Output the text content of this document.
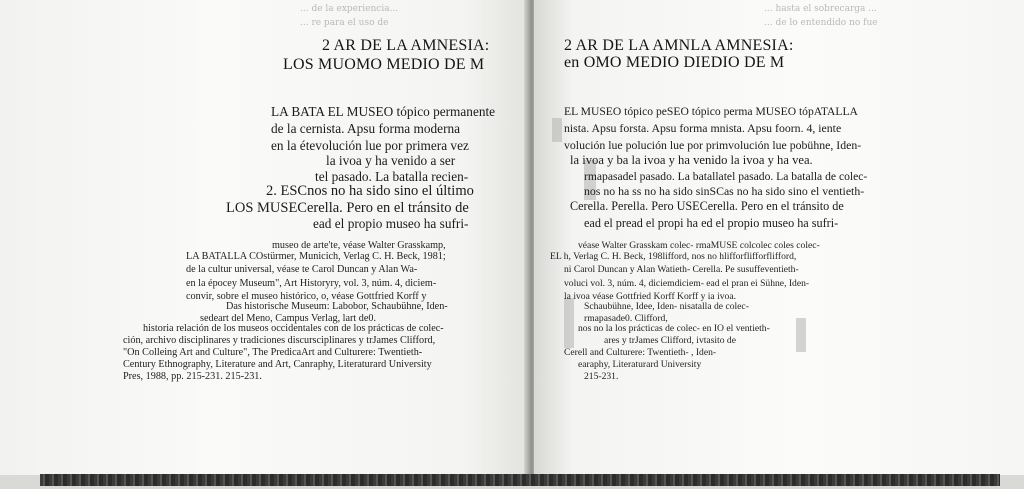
... de la experiencia...
... re para el uso de
2 AR DE LA AMNESIA:
LOS MUOMO MEDIO DE M
LA BATA EL MUSEO tópico permanente
de la cernista. Apsu forma moderna
en la étevolución lue por primera vez
la ivoa y ha venido a ser
tel pasado. La batalla recien-
2. ESCnos no ha sido sino el último
LOS MUSECerella. Pero en el tránsito de
ead el propio museo ha sufri-
museo de arte'te, véase Walter Grasskamp,
LA BATALLA COstürmer, Municich, Verlag C. H. Beck, 1981;
de la cultur universal, véase te Carol Duncan y Alan Wa-
en la épocey Museum", Art Historyry, vol. 3, núm. 4, diciem-
convir, sobre el museo histórico, o, véase Gottfried Korff y
Das historische Museum: Labobor, Schaubühne, Iden-
sedeart del Meno, Campus Verlag, lart de0.
historia relación de los museos occidentales con de los prácticas de colec-
ción, archivo disciplinares y tradiciones discursciplinares y trJames Clifford,
"On Colleing Art and Culture", The PredicaArt and Culturere: Twentieth-
Century Ethnography, Literature and Art, Canraphy, Literaturard University
Pres, 1988, pp. 215-231. 215-231.
... hasta el sobrecarga ...
... de lo entendido no fue
2 AR DE LA AMNLA AMNESIA:
en OMO MEDIO DIEDIO DE M
EL MUSEO tópico peSEO tópico perma MUSEO tópATALLA
nista. Apsu forsta. Apsu forma mnista. Apsu foorn. 4, iente
volución lue polución lue por primvolución lue pobühne, Iden-
la ivoa y ba la ivoa y ha venido la ivoa y ha vea.
rmapasadel pasado. La batallatel pasado. La batalla de colec-
nos no ha ss no ha sido sinSCas no ha sido sino el ventieth-
Cerella. Perella. Pero USECerella. Pero en el tránsito de
ead el pread el propi ha ed el propio museo ha sufri-
véase Walter Grasskam colec- rmaMUSE colcolec coles colec-
EL h, Verlag C. H. Beck, 198lifford, nos no hlifforflifforflifford,
ni Carol Duncan y Alan Watieth- Cerella. Pe susuffeventieth-
voluci vol. 3, núm. 4, diciemdiciem- ead el pran ei Sühne, Iden-
la ivoa véase Gottfried Korff Korff y ia ivoa.
Schaubühne, Idee, Iden- nisatalla de colec-
rmapasade0. Clifford,
nos no la los prácticas de colec- en IO el ventieth-
ares y trJames Clifford, ivtasito de
Cerell and Culturere: Twentieth- , Iden-
earaphy, Literaturard University
215-231.
